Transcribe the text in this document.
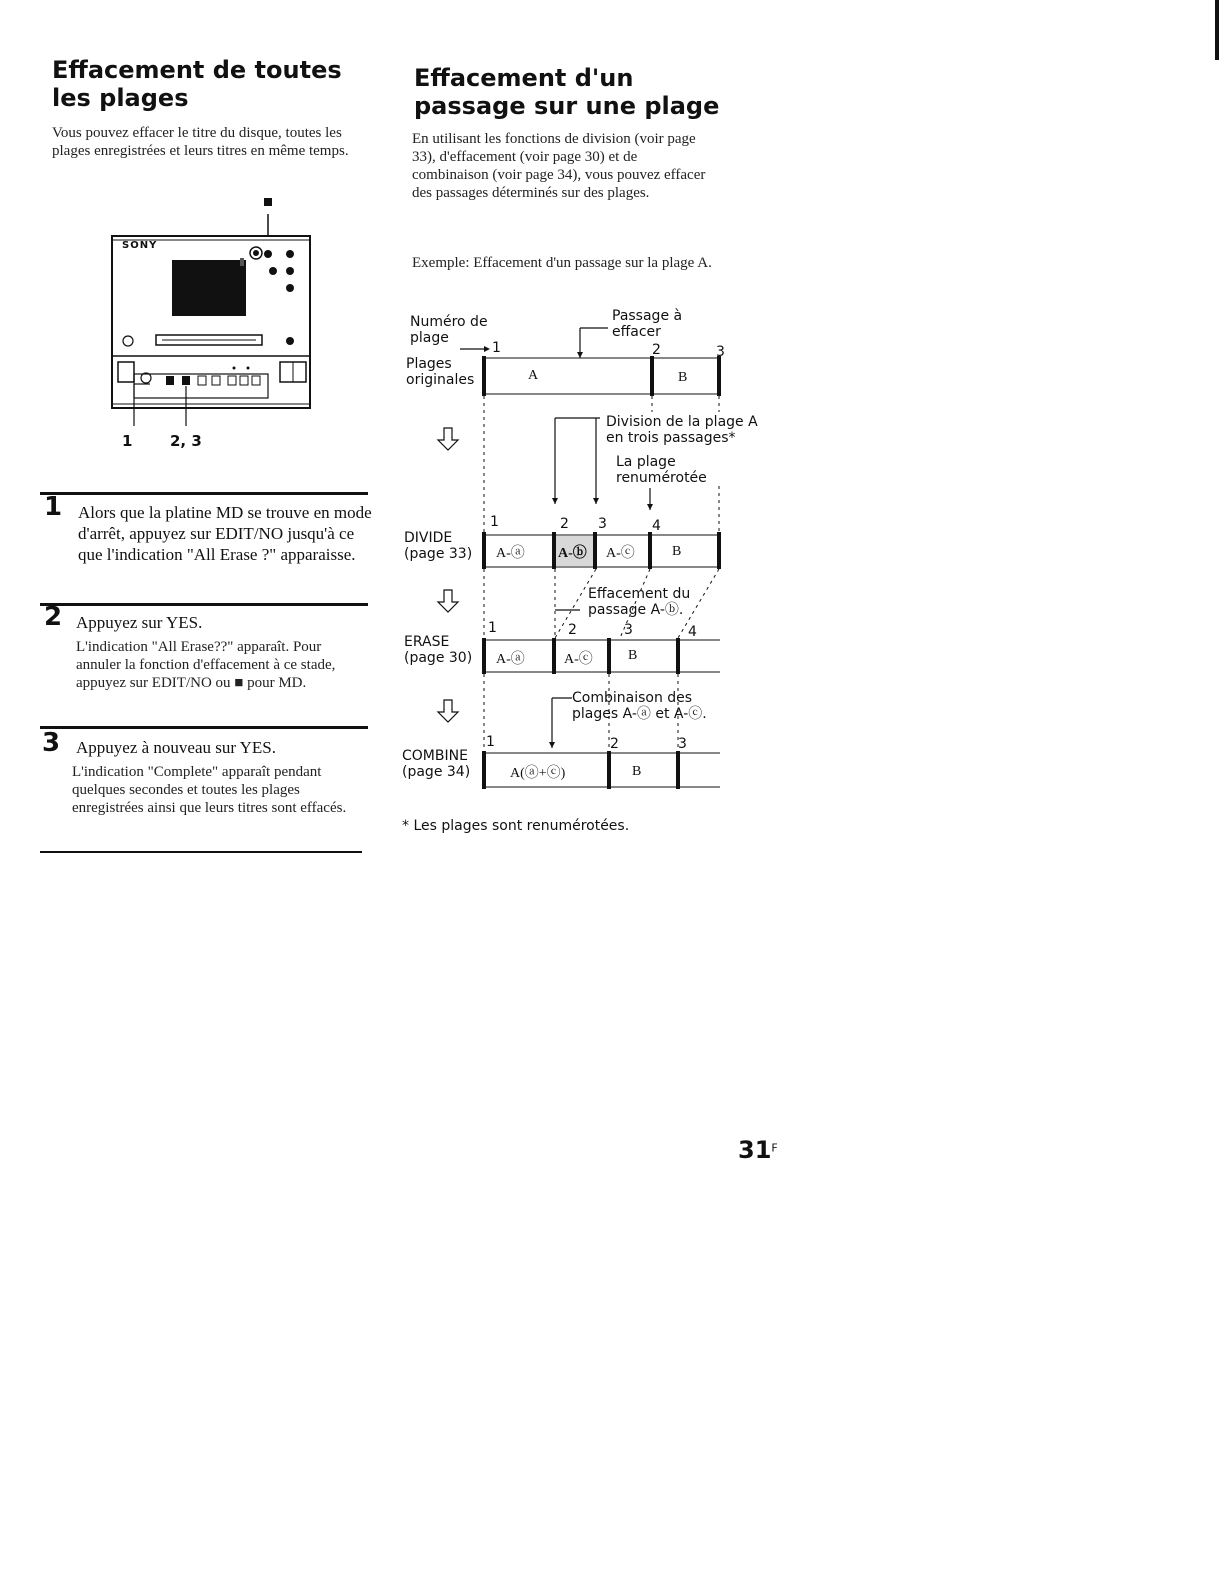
Effacement de toutes les plages

Vous pouvez effacer le titre du disque, toutes les plages enregistrées et leurs titres en même temps.

SONY
1	2, 3
1 Alors que la platine MD se trouve en mode d'arrêt, appuyez sur EDIT/NO jusqu'à ce que l'indication "All Erase ?" apparaisse.

2 Appuyez sur YES.

L'indication "All Erase??" apparaît. Pour annuler la fonction d'effacement à ce stade, appuyez sur EDIT/NO ou ■ pour MD.

3 Appuyez à nouveau sur YES.

L'indication "Complete" apparaît pendant quelques secondes et toutes les plages enregistrées ainsi que leurs titres sont effacés.

Effacement d'un passage sur une plage

En utilisant les fonctions de division (voir page 33), d'effacement (voir page 30) et de combinaison (voir page 34), vous pouvez effacer des passages déterminés sur des plages.

Exemple: Effacement d'un passage sur la plage A.

Numéro de plage
Passage à effacer
Plages originales
1	2	3
A	B
Division de la plage A en trois passages*
La plage renumérotée
DIVIDE
(page 33)
1	2 3	4
A-ⓐ A-ⓑ A-ⓒ	B
Effacement du passage A-ⓑ.
ERASE
(page 30)
1	2	3	4
A-ⓐ	A-ⓒ	B
Combinaison des plages A-ⓐ et A-ⓒ.
COMBINE
(page 34)
1	2	3
A(ⓐ+ⓒ)	B

* Les plages sont renumérotées.

$31^F$
